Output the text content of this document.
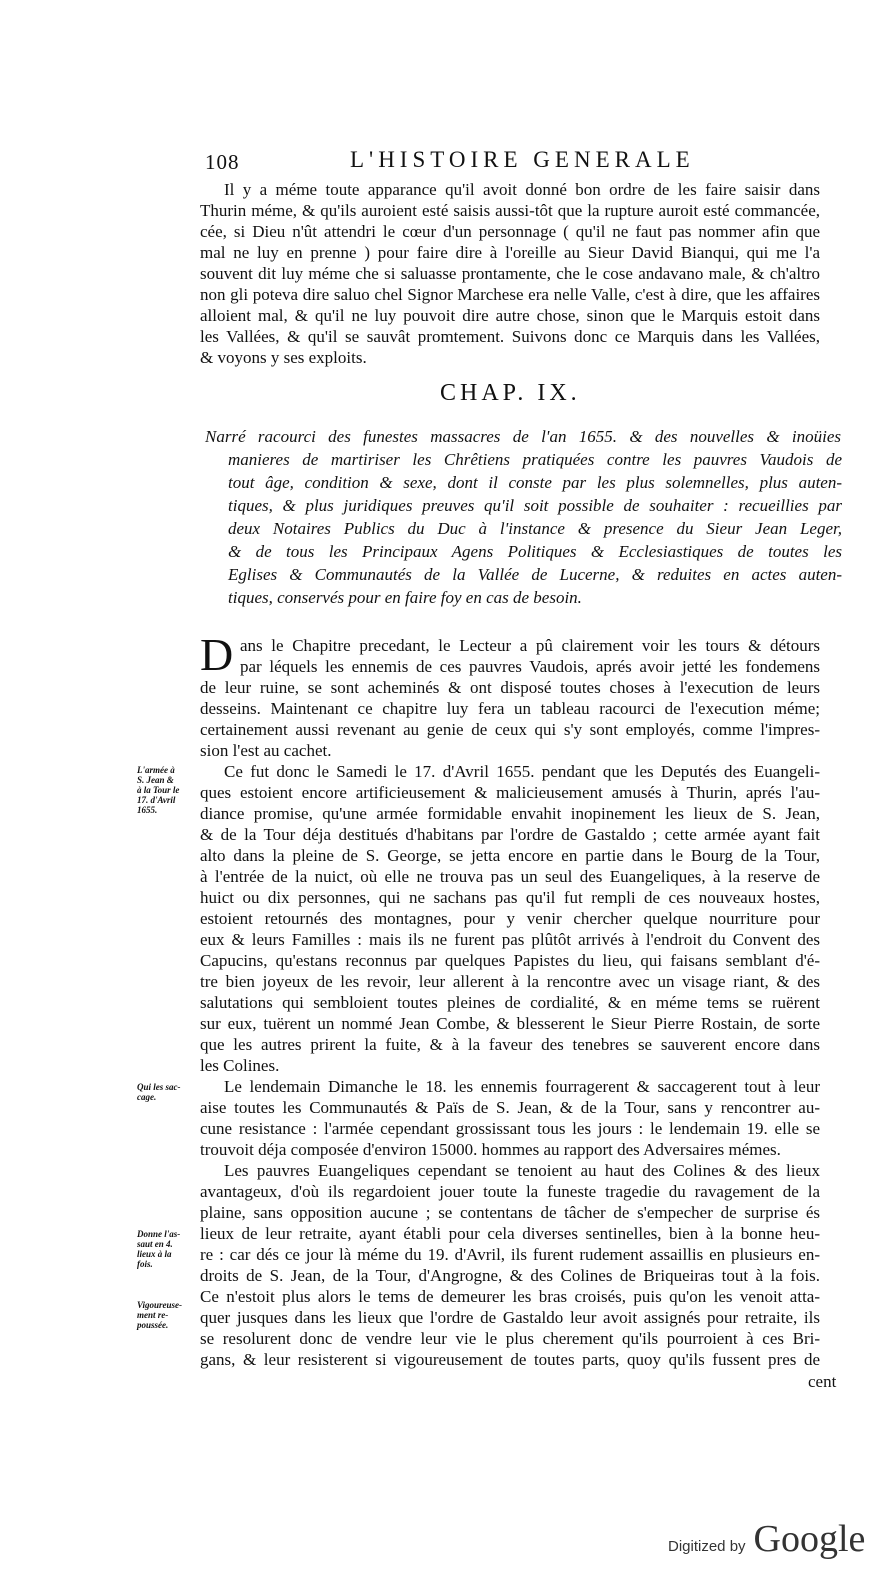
108	L'HISTOIRE GENERALE
Il y a méme toute apparance qu'il avoit donné bon ordre de les faire saisir dans
Thurin méme, & qu'ils auroient esté saisis aussi-tôt que la rupture auroit esté commancée,
cée, si Dieu n'ût attendri le cœur d'un personnage ( qu'il ne faut pas nommer afin que
mal ne luy en prenne ) pour faire dire à l'oreille au Sieur David Bianqui, qui me l'a
souvent dit luy méme che si saluasse prontamente, che le cose andavano male, & ch'altro
non gli poteva dire saluo chel Signor Marchese era nelle Valle, c'est à dire, que les affaires
alloient mal, & qu'il ne luy pouvoit dire autre chose, sinon que le Marquis estoit dans
les Vallées, & qu'il se sauvât promtement. Suivons donc ce Marquis dans les Vallées,
& voyons y ses exploits.
CHAP. IX.
Narré racourci des funestes massacres de l'an 1655. & des nouvelles & inoüies
manieres de martiriser les Chrêtiens pratiquées contre les pauvres Vaudois de
tout âge, condition & sexe, dont il conste par les plus solemnelles, plus auten-
tiques, & plus juridiques preuves qu'il soit possible de souhaiter : recueillies par
deux Notaires Publics du Duc à l'instance & presence du Sieur Jean Leger,
& de tous les Principaux Agens Politiques & Ecclesiastiques de toutes les
Eglises & Communautés de la Vallée de Lucerne, & reduites en actes auten-
tiques, conservés pour en faire foy en cas de besoin.
D ans le Chapitre precedant, le Lecteur a pû clairement voir les tours & détours
par léquels les ennemis de ces pauvres Vaudois, aprés avoir jetté les fondemens
de leur ruine, se sont acheminés & ont disposé toutes choses à l'execution de leurs
desseins. Maintenant ce chapitre luy fera un tableau racourci de l'execution méme;
certainement aussi revenant au genie de ceux qui s'y sont employés, comme l'impres-
sion l'est au cachet.
Ce fut donc le Samedi le 17. d'Avril 1655. pendant que les Deputés des Euangeli-
ques estoient encore artificieusement & malicieusement amusés à Thurin, aprés l'au-
diance promise, qu'une armée formidable envahit inopinement les lieux de S. Jean,
& de la Tour déja destitués d'habitans par l'ordre de Gastaldo ; cette armée ayant fait
alto dans la pleine de S. George, se jetta encore en partie dans le Bourg de la Tour,
à l'entrée de la nuict, où elle ne trouva pas un seul des Euangeliques, à la reserve de
huict ou dix personnes, qui ne sachans pas qu'il fut rempli de ces nouveaux hostes,
estoient retournés des montagnes, pour y venir chercher quelque nourriture pour
eux & leurs Familles : mais ils ne furent pas plûtôt arrivés à l'endroit du Convent des
Capucins, qu'estans reconnus par quelques Papistes du lieu, qui faisans semblant d'é-
tre bien joyeux de les revoir, leur allerent à la rencontre avec un visage riant, & des
salutations qui sembloient toutes pleines de cordialité, & en méme tems se ruërent
sur eux, tuërent un nommé Jean Combe, & blesserent le Sieur Pierre Rostain, de sorte
que les autres prirent la fuite, & à la faveur des tenebres se sauverent encore dans
les Colines.
Le lendemain Dimanche le 18. les ennemis fourragerent & saccagerent tout à leur
aise toutes les Communautés & Païs de S. Jean, & de la Tour, sans y rencontrer au-
cune resistance : l'armée cependant grossissant tous les jours : le lendemain 19. elle se
trouvoit déja composée d'environ 15000. hommes au rapport des Adversaires mémes.
Les pauvres Euangeliques cependant se tenoient au haut des Colines & des lieux
avantageux, d'où ils regardoient jouer toute la funeste tragedie du ravagement de la
plaine, sans opposition aucune ; se contentans de tâcher de s'empecher de surprise és
lieux de leur retraite, ayant établi pour cela diverses sentinelles, bien à la bonne heu-
re : car dés ce jour là méme du 19. d'Avril, ils furent rudement assaillis en plusieurs en-
droits de S. Jean, de la Tour, d'Angrogne, & des Colines de Briqueiras tout à la fois.
Ce n'estoit plus alors le tems de demeurer les bras croisés, puis qu'on les venoit atta-
quer jusques dans les lieux que l'ordre de Gastaldo leur avoit assignés pour retraite, ils
se resolurent donc de vendre leur vie le plus cherement qu'ils pourroient à ces Bri-
gans, & leur resisterent si vigoureusement de toutes parts, quoy qu'ils fussent pres de
cent
L'armée à
S. Jean &
à la Tour le
17. d'Avril
1655.
Qui les sac-
cage.
Donne l'as-
saut en 4.
lieux à la
fois.
Vigoureuse-
ment re-
poussée.
Digitized by Google
